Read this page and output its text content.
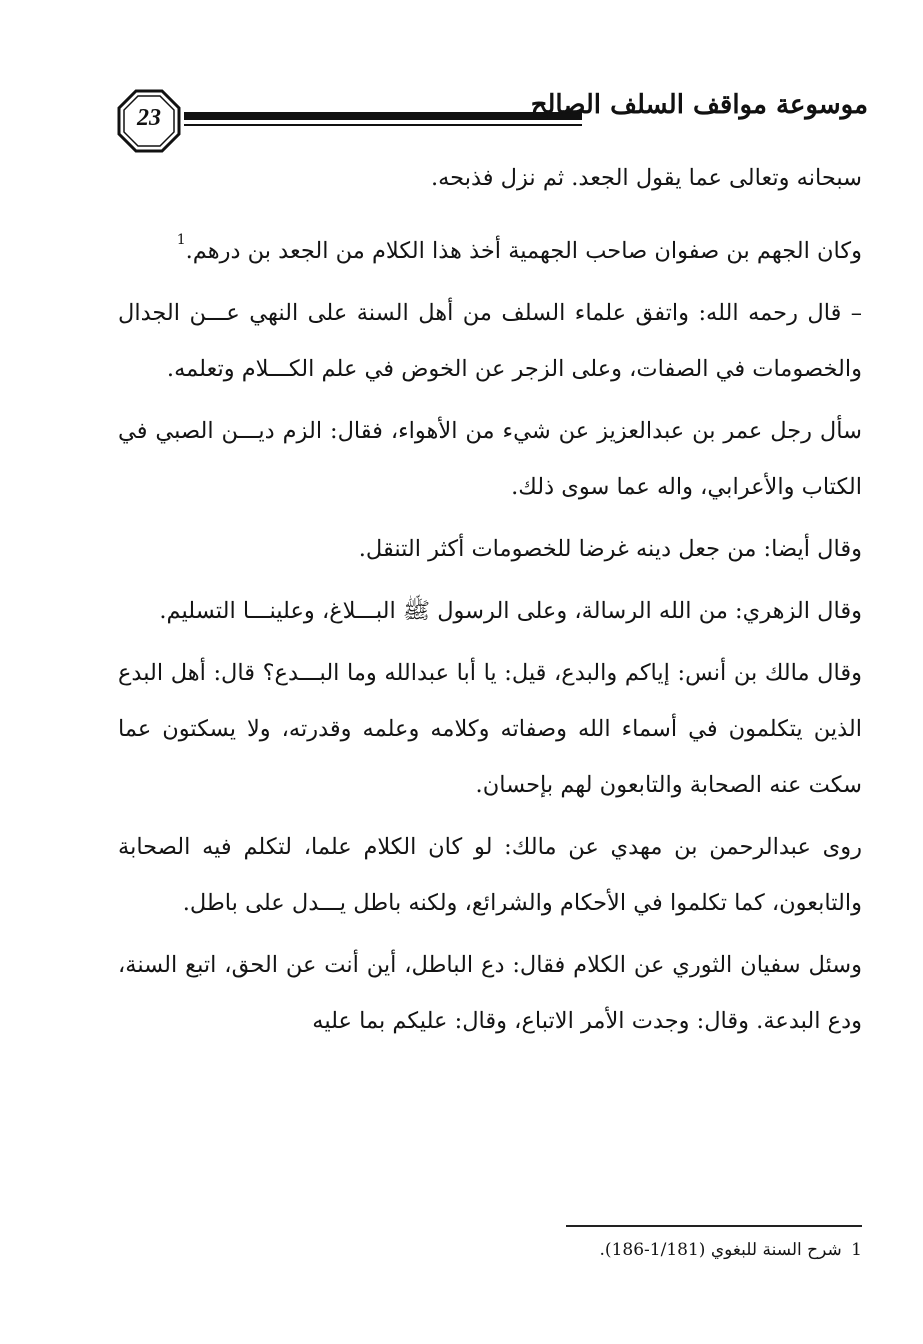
23	موسوعة مواقف السلف الصالح

سبحانه وتعالى عما يقول الجعد. ثم نزل فذبحه.

وكان الجهم بن صفوان صاحب الجهمية أخذ هذا الكلام من الجعد بن درهم.$^1$

– قال رحمه الله: واتفق علماء السلف من أهل السنة على النهي عـــن الجدال والخصومات في الصفات، وعلى الزجر عن الخوض في علم الكـــلام وتعلمه.

سأل رجل عمر بن عبدالعزيز عن شيء من الأهواء، فقال: الزم ديـــن الصبي في الكتاب والأعرابي، واله عما سوى ذلك.

وقال أيضا: من جعل دينه غرضا للخصومات أكثر التنقل.

وقال الزهري: من الله الرسالة، وعلى الرسول ﷺ البـــلاغ، وعلينـــا التسليم.

وقال مالك بن أنس: إياكم والبدع، قيل: يا أبا عبدالله وما البـــدع؟ قال: أهل البدع الذين يتكلمون في أسماء الله وصفاته وكلامه وعلمه وقدرته، ولا يسكتون عما سكت عنه الصحابة والتابعون لهم بإحسان.

روى عبدالرحمن بن مهدي عن مالك: لو كان الكلام علما، لتكلم فيه الصحابة والتابعون، كما تكلموا في الأحكام والشرائع، ولكنه باطل يـــدل على باطل.

وسئل سفيان الثوري عن الكلام فقال: دع الباطل، أين أنت عن الحق، اتبع السنة، ودع البدعة. وقال: وجدت الأمر الاتباع، وقال: عليكم بما عليه

1 شرح السنة للبغوي (1/181-186).
